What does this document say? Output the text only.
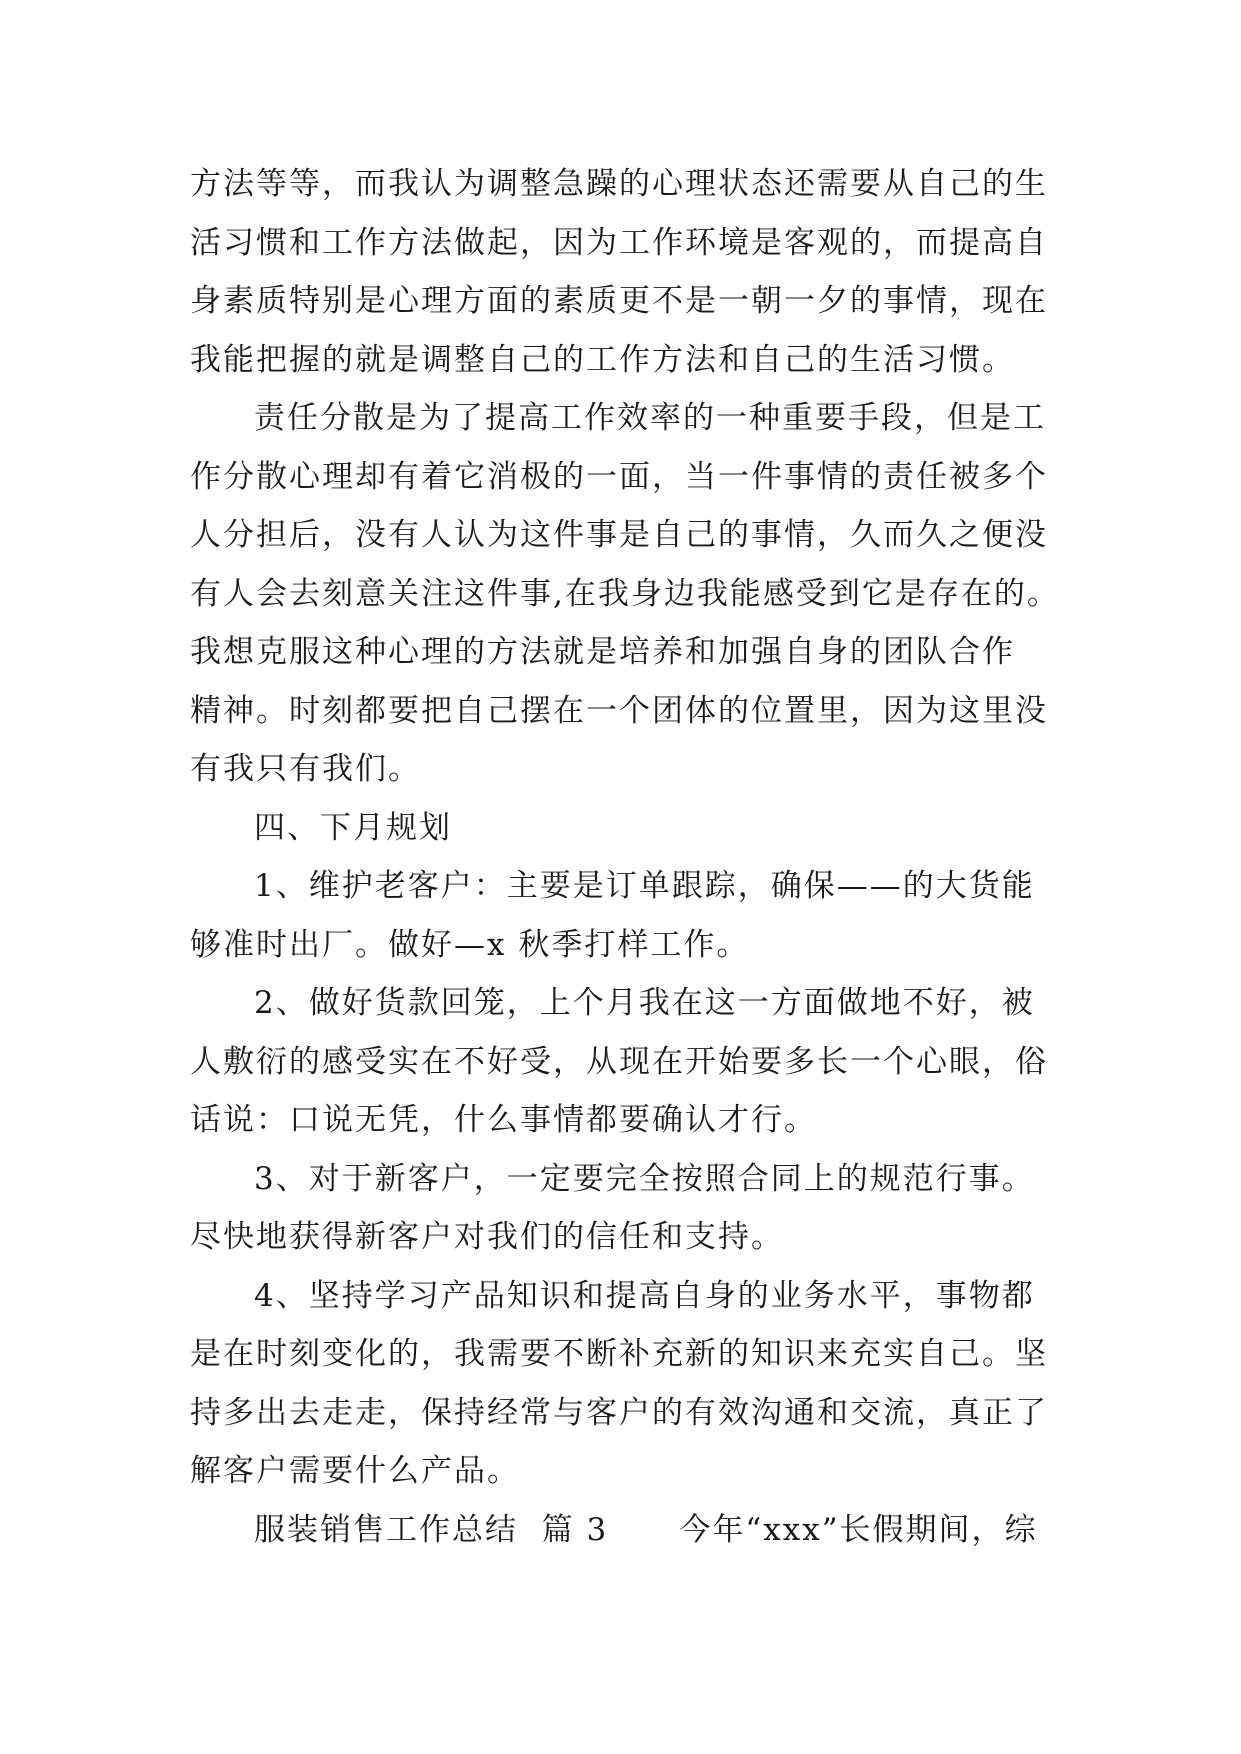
方法等等，而我认为调整急躁的心理状态还需要从自己的生
活习惯和工作方法做起，因为工作环境是客观的，而提高自
身素质特别是心理方面的素质更不是一朝一夕的事情，现在
我能把握的就是调整自己的工作方法和自己的生活习惯。
责任分散是为了提高工作效率的一种重要手段，但是工
作分散心理却有着它消极的一面，当一件事情的责任被多个
人分担后，没有人认为这件事是自己的事情，久而久之便没
有人会去刻意关注这件事,在我身边我能感受到它是存在的。
我想克服这种心理的方法就是培养和加强自身的团队合作
精神。时刻都要把自己摆在一个团体的位置里，因为这里没
有我只有我们。
四、下月规划
1、维护老客户：主要是订单跟踪，确保——的大货能
够准时出厂。做好—x 秋季打样工作。
2、做好货款回笼，上个月我在这一方面做地不好，被
人敷衍的感受实在不好受，从现在开始要多长一个心眼，俗
话说：口说无凭，什么事情都要确认才行。
3、对于新客户，一定要完全按照合同上的规范行事。
尽快地获得新客户对我们的信任和支持。
4、坚持学习产品知识和提高自身的业务水平，事物都
是在时刻变化的，我需要不断补充新的知识来充实自己。坚
持多出去走走，保持经常与客户的有效沟通和交流，真正了
解客户需要什么产品。
服装销售工作总结  篇 3      今年“xxx”长假期间，综
